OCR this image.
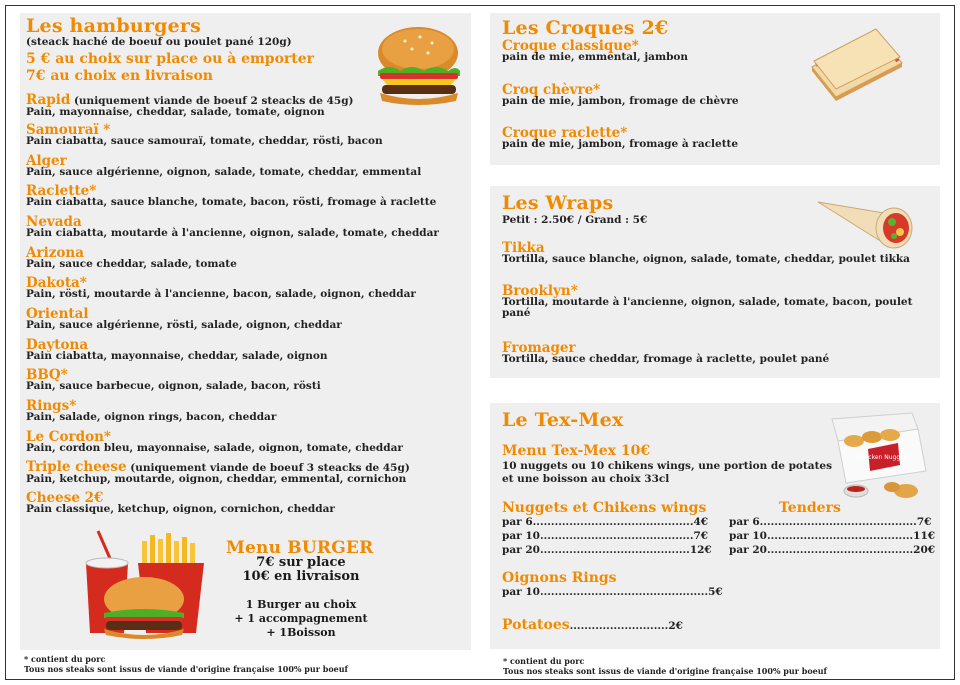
Les hamburgers
(steack haché de boeuf ou poulet pané 120g)
5 € au choix sur place ou à emporter
7€ au choix en livraison
Rapid (uniquement viande de boeuf 2 steacks de 45g)
Pain, mayonnaise, cheddar, salade, tomate, oignon
Samouraï *
Pain ciabatta, sauce samouraï, tomate, cheddar, rösti, bacon
Alger
Pain, sauce algérienne, oignon, salade, tomate, cheddar, emmental
Raclette*
Pain ciabatta, sauce blanche, tomate, bacon, rösti, fromage à raclette
Nevada
Pain ciabatta, moutarde à l'ancienne, oignon, salade, tomate, cheddar
Arizona
Pain, sauce cheddar, salade, tomate
Dakota*
Pain, rösti, moutarde à l'ancienne, bacon, salade, oignon, cheddar
Oriental
Pain, sauce algérienne, rösti, salade, oignon, cheddar
Daytona
Pain ciabatta, mayonnaise, cheddar, salade, oignon
BBQ*
Pain, sauce barbecue, oignon, salade, bacon, rösti
Rings*
Pain, salade, oignon rings, bacon, cheddar
Le Cordon*
Pain, cordon bleu, mayonnaise, salade, oignon, tomate, cheddar
Triple cheese (uniquement viande de boeuf 3 steacks de 45g)
Pain, ketchup, moutarde, oignon, cheddar, emmental, cornichon
Cheese 2€
Pain classique, ketchup, oignon, cornichon, cheddar
Menu BURGER
7€ sur place
10€ en livraison
1 Burger au choix
+ 1 accompagnement
+ 1Boisson
* contient du porc
Tous nos steaks sont issus de viande d'origine française 100% pur boeuf
Les Croques 2€
Croque classique*
pain de mie, emmental, jambon
Croq chèvre*
pain de mie, jambon, fromage de chèvre
Croque raclette*
pain de mie, jambon, fromage à raclette
Les Wraps
Petit : 2.50€ / Grand : 5€
Tikka
Tortilla, sauce blanche, oignon, salade, tomate, cheddar, poulet tikka
Brooklyn*
Tortilla, moutarde à l'ancienne, oignon, salade, tomate, bacon, poulet
pané
Fromager
Tortilla, sauce cheddar, fromage à raclette, poulet pané
Le Tex-Mex
Menu Tex-Mex 10€
10 nuggets ou 10 chikens wings, une portion de potates
et une boisson au choix 33cl
Chicken Nuggets
Nuggets et Chikens wings
par 6............................................4€
par 10..........................................7€
par 20.........................................12€
Tenders
par 6...........................................7€
par 10........................................11€
par 20........................................20€
Oignons Rings
par 10..............................................5€
Potatoes...........................2€
* contient du porc
Tous nos steaks sont issus de viande d'origine française 100% pur boeuf
